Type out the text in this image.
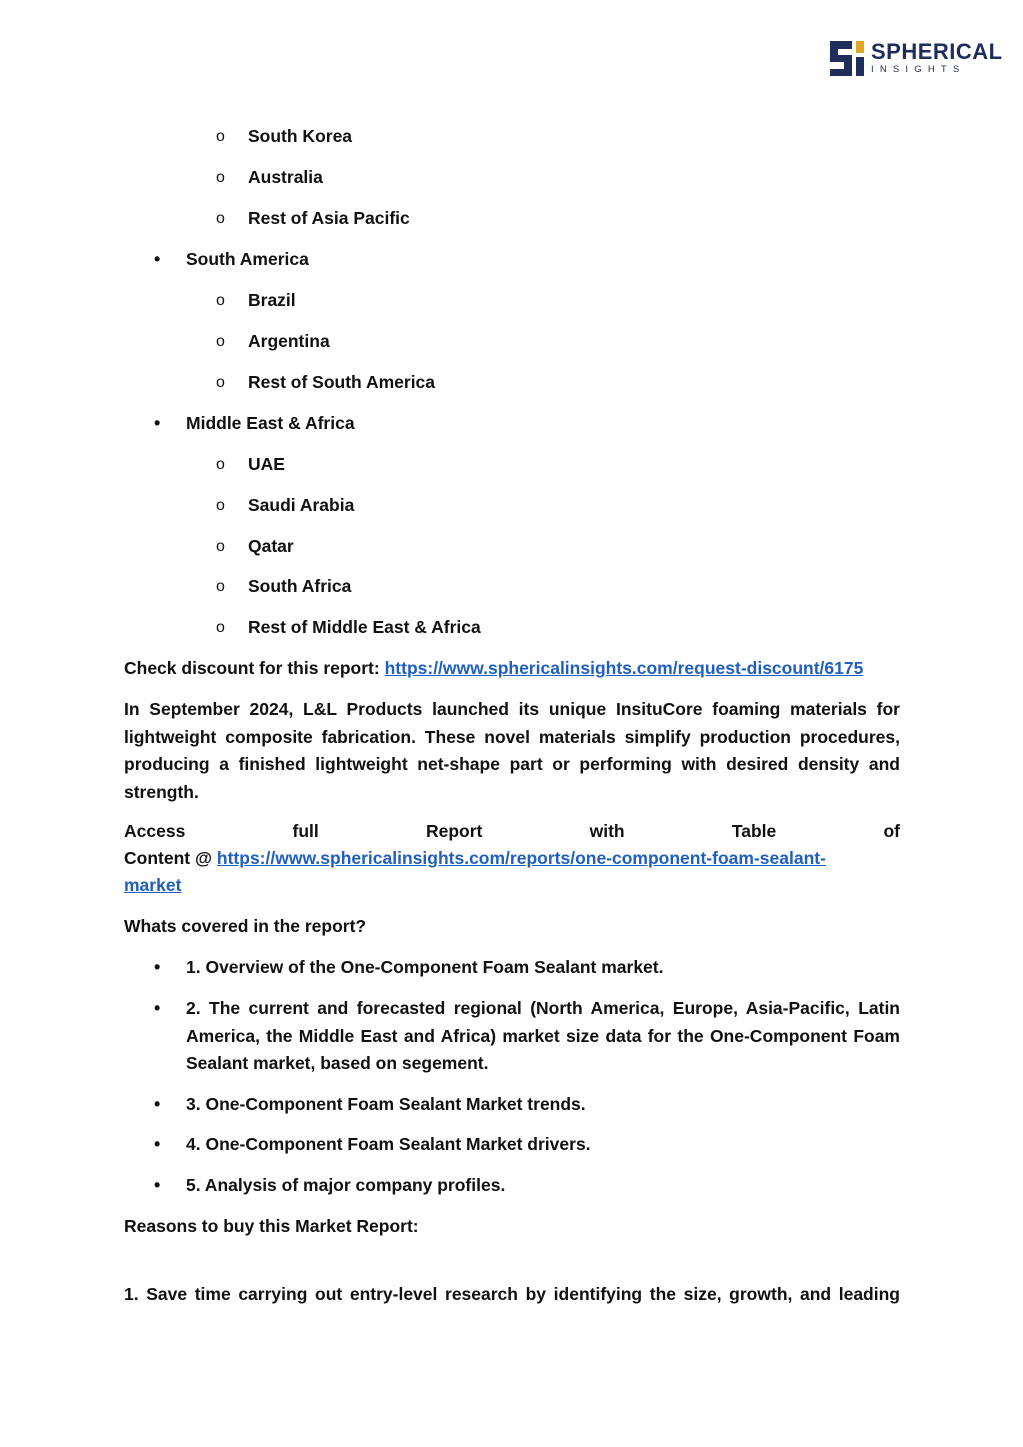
SPHERICAL
INSIGHTS
o South Korea
o Australia
o Rest of Asia Pacific
• South America
o Brazil
o Argentina
o Rest of South America
• Middle East & Africa
o UAE
o Saudi Arabia
o Qatar
o South Africa
o Rest of Middle East & Africa
Check discount for this report: https://www.sphericalinsights.com/request-discount/6175
In September 2024, L&L Products launched its unique InsituCore foaming materials for lightweight composite fabrication. These novel materials simplify production procedures, producing a finished lightweight net-shape part or performing with desired density and strength.
Access	full	Report	with	Table	of
Content @ https://www.sphericalinsights.com/reports/one-component-foam-sealant-
market
Whats covered in the report?
• 1. Overview of the One-Component Foam Sealant market.
• 2. The current and forecasted regional (North America, Europe, Asia-Pacific, Latin America, the Middle East and Africa) market size data for the One-Component Foam Sealant market, based on segement.
• 3. One-Component Foam Sealant Market trends.
• 4. One-Component Foam Sealant Market drivers.
• 5. Analysis of major company profiles.
Reasons to buy this Market Report:
1. Save time carrying out entry-level research by identifying the size, growth, and leading
